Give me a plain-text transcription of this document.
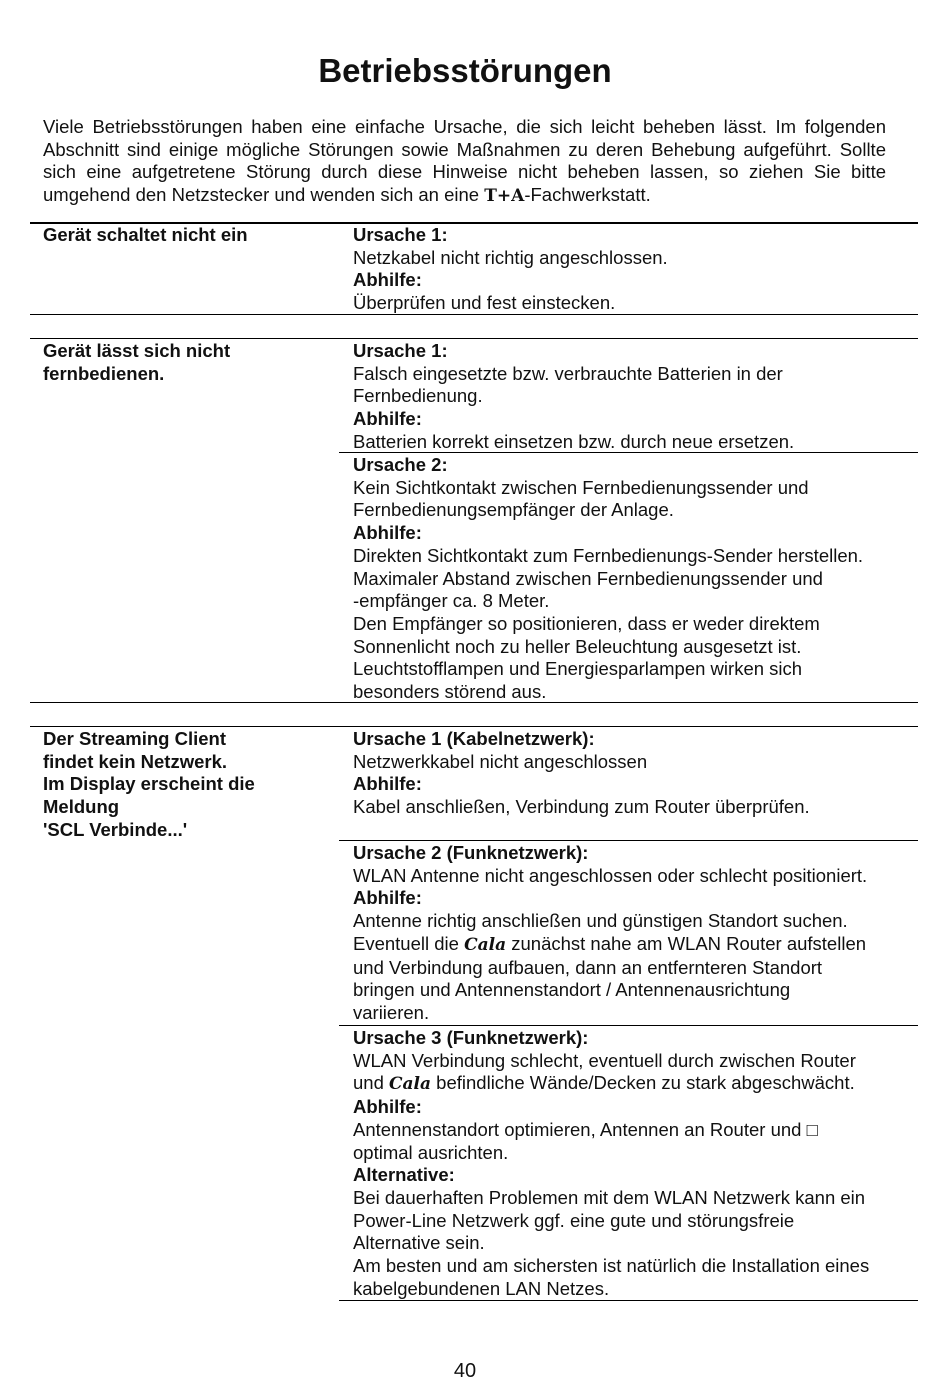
Betriebsstörungen

Viele Betriebsstörungen haben eine einfache Ursache, die sich leicht beheben lässt. Im folgenden Abschnitt sind einige mögliche Störungen sowie Maßnahmen zu deren Behebung aufgeführt. Sollte sich eine aufgetretene Störung durch diese Hinweise nicht beheben lassen, so ziehen Sie bitte umgehend den Netzstecker und wenden sich an eine T+A-Fachwerkstatt.

Gerät schaltet nicht ein	Ursache 1:
Netzkabel nicht richtig angeschlossen.
Abhilfe:
Überprüfen und fest einstecken.
Gerät lässt sich nicht
fernbedienen.
Ursache 1:
Falsch eingesetzte bzw. verbrauchte Batterien in der
Fernbedienung.
Abhilfe:
Batterien korrekt einsetzen bzw. durch neue ersetzen.
Ursache 2:
Kein Sichtkontakt zwischen Fernbedienungssender und
Fernbedienungsempfänger der Anlage.
Abhilfe:
Direkten Sichtkontakt zum Fernbedienungs-Sender herstellen.
Maximaler Abstand zwischen Fernbedienungssender und
-empfänger ca. 8 Meter.
Den Empfänger so positionieren, dass er weder direktem
Sonnenlicht noch zu heller Beleuchtung ausgesetzt ist.
Leuchtstofflampen und Energiesparlampen wirken sich
besonders störend aus.
Der Streaming Client
findet kein Netzwerk.
Im Display erscheint die
Meldung
'SCL Verbinde...'
Ursache 1 (Kabelnetzwerk):
Netzwerkkabel nicht angeschlossen
Abhilfe:
Kabel anschließen, Verbindung zum Router überprüfen.
Ursache 2 (Funknetzwerk):
WLAN Antenne nicht angeschlossen oder schlecht positioniert.
Abhilfe:
Antenne richtig anschließen und günstigen Standort suchen.
Eventuell die Cala zunächst nahe am WLAN Router aufstellen
und Verbindung aufbauen, dann an entfernteren Standort
bringen und Antennenstandort / Antennenausrichtung
variieren.
Ursache 3 (Funknetzwerk):
WLAN Verbindung schlecht, eventuell durch zwischen Router
und Cala befindliche Wände/Decken zu stark abgeschwächt.
Abhilfe:
Antennenstandort optimieren, Antennen an Router und □
optimal ausrichten.
Alternative:
Bei dauerhaften Problemen mit dem WLAN Netzwerk kann ein
Power-Line Netzwerk ggf. eine gute und störungsfreie
Alternative sein.
Am besten und am sichersten ist natürlich die Installation eines
kabelgebundenen LAN Netzes.
40
